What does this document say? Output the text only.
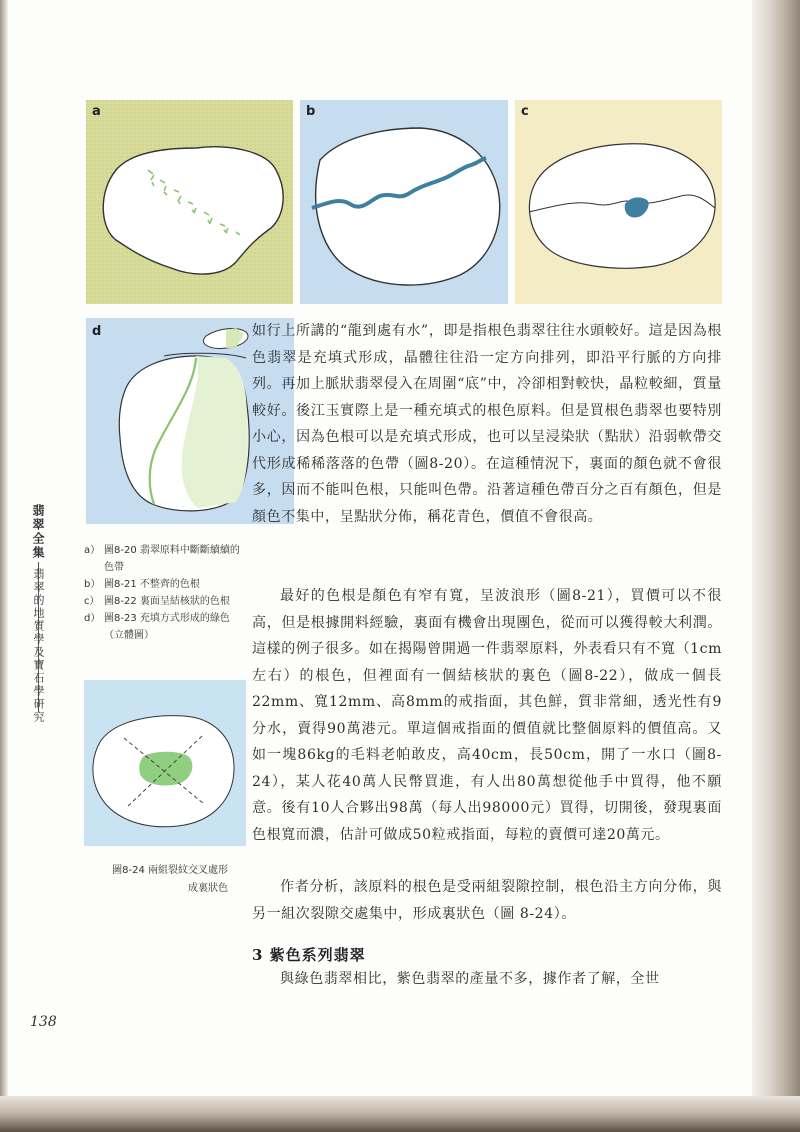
a	b	c
d
翡翠全集
翡翠的地質學及寶石學研究
a） 圖8-20 翡翠原料中斷斷續續的色帶
b） 圖8-21 不整齊的色根
c） 圖8-22 裏面呈結核狀的色根
d） 圖8-23 充填方式形成的綠色（立體圖）
圖8-24 兩組裂紋交叉處形成裏狀色

如行上所講的“龍到處有水”，即是指根色翡翠往往水頭較好。這是因為根色翡翠是充填式形成，晶體往往沿一定方向排列，即沿平行脈的方向排列。再加上脈狀翡翠侵入在周圍“底”中，冷卻相對較快，晶粒較細，質量較好。後江玉實際上是一種充填式的根色原料。但是買根色翡翠也要特別小心，因為色根可以是充填式形成，也可以呈浸染狀（點狀）沿弱軟帶交代形成稀稀落落的色帶（圖8-20）。在這種情況下，裏面的顏色就不會很多，因而不能叫色根，只能叫色帶。沿著這種色帶百分之百有顏色，但是顏色不集中，呈點狀分佈，稱花青色，價值不會很高。

最好的色根是顏色有窄有寬，呈波浪形（圖8-21），買價可以不很高，但是根據開料經驗，裏面有機會出現團色，從而可以獲得較大利潤。這樣的例子很多。如在揭陽曾開過一件翡翠原料，外表看只有不寬（1cm左右）的根色，但裡面有一個結核狀的裏色（圖8-22），做成一個長22mm、寬12mm、高8mm的戒指面，其色鮮，質非常細，透光性有9分水，賣得90萬港元。單這個戒指面的價值就比整個原料的價值高。又如一塊86kg的毛料老帕敢皮，高40cm，長50cm，開了一水口（圖8-24），某人花40萬人民幣買進，有人出80萬想從他手中買得，他不願意。後有10人合夥出98萬（每人出98000元）買得，切開後，發現裏面色根寬而濃，估計可做成50粒戒指面，每粒的賣價可達20萬元。

作者分析，該原料的根色是受兩組裂隙控制，根色沿主方向分佈，與另一組次裂隙交處集中，形成裏狀色（圖 8-24）。

3 紫色系列翡翠

與綠色翡翠相比，紫色翡翠的產量不多，據作者了解，全世

138
